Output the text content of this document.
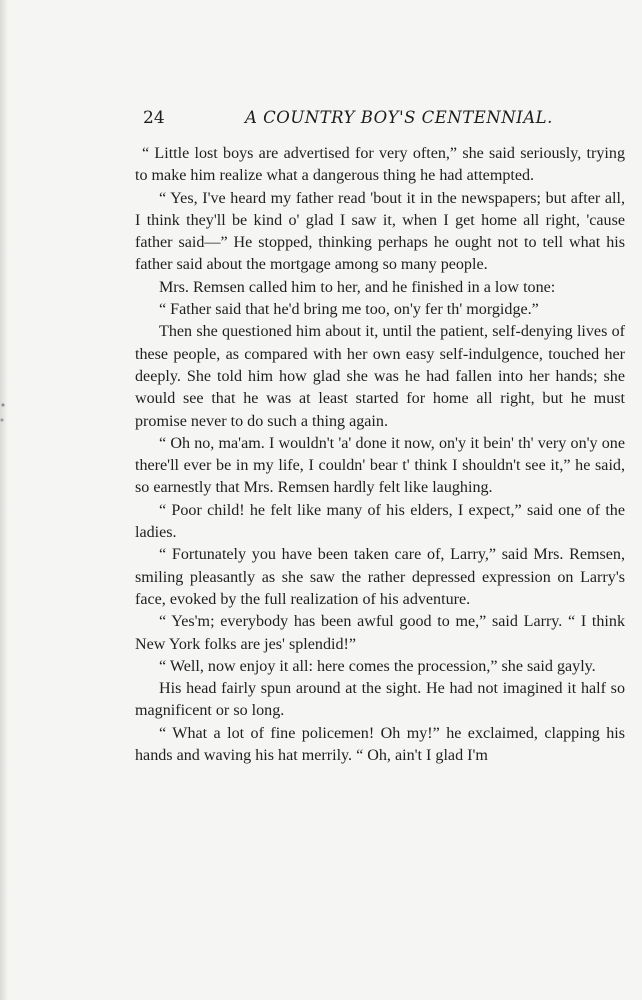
24	A COUNTRY BOY'S CENTENNIAL.

“ Little lost boys are advertised for very often,” she said seriously, trying to make him realize what a dangerous thing he had attempted.

“ Yes, I've heard my father read 'bout it in the newspapers; but after all, I think they'll be kind o' glad I saw it, when I get home all right, 'cause father said—” He stopped, thinking perhaps he ought not to tell what his father said about the mortgage among so many people.

Mrs. Remsen called him to her, and he finished in a low tone:

“ Father said that he'd bring me too, on'y fer th' morgidge.”

Then she questioned him about it, until the patient, self-denying lives of these people, as compared with her own easy self-indulgence, touched her deeply. She told him how glad she was he had fallen into her hands; she would see that he was at least started for home all right, but he must promise never to do such a thing again.

“ Oh no, ma'am. I wouldn't 'a' done it now, on'y it bein' th' very on'y one there'll ever be in my life, I couldn' bear t' think I shouldn't see it,” he said, so earnestly that Mrs. Remsen hardly felt like laughing.

“ Poor child! he felt like many of his elders, I expect,” said one of the ladies.

“ Fortunately you have been taken care of, Larry,” said Mrs. Remsen, smiling pleasantly as she saw the rather depressed expression on Larry's face, evoked by the full realization of his adventure.

“ Yes'm; everybody has been awful good to me,” said Larry. “ I think New York folks are jes' splendid!”

“ Well, now enjoy it all: here comes the procession,” she said gayly.

His head fairly spun around at the sight. He had not imagined it half so magnificent or so long.

“ What a lot of fine policemen! Oh my!” he exclaimed, clapping his hands and waving his hat merrily. “ Oh, ain't I glad I'm
